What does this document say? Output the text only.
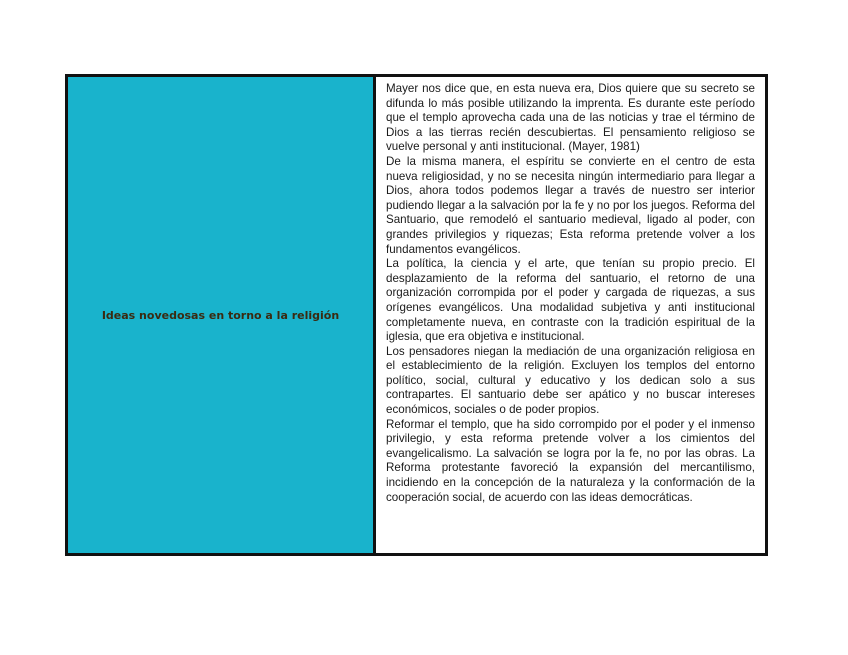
Ideas novedosas en torno a la religión

Mayer nos dice que, en esta nueva era, Dios quiere que su secreto se difunda lo más posible utilizando la imprenta. Es durante este período que el templo aprovecha cada una de las noticias y trae el término de Dios a las tierras recién descubiertas. El pensamiento religioso se vuelve personal y anti institucional. (Mayer, 1981)

De la misma manera, el espíritu se convierte en el centro de esta nueva religiosidad, y no se necesita ningún intermediario para llegar a Dios, ahora todos podemos llegar a través de nuestro ser interior pudiendo llegar a la salvación por la fe y no por los juegos. Reforma del Santuario, que remodeló el santuario medieval, ligado al poder, con grandes privilegios y riquezas; Esta reforma pretende volver a los fundamentos evangélicos.

La política, la ciencia y el arte, que tenían su propio precio. El desplazamiento de la reforma del santuario, el retorno de una organización corrompida por el poder y cargada de riquezas, a sus orígenes evangélicos. Una modalidad subjetiva y anti institucional completamente nueva, en contraste con la tradición espiritual de la iglesia, que era objetiva e institucional.

Los pensadores niegan la mediación de una organización religiosa en el establecimiento de la religión. Excluyen los templos del entorno político, social, cultural y educativo y los dedican solo a sus contrapartes. El santuario debe ser apático y no buscar intereses económicos, sociales o de poder propios.

Reformar el templo, que ha sido corrompido por el poder y el inmenso privilegio, y esta reforma pretende volver a los cimientos del evangelicalismo. La salvación se logra por la fe, no por las obras. La Reforma protestante favoreció la expansión del mercantilismo, incidiendo en la concepción de la naturaleza y la conformación de la cooperación social, de acuerdo con las ideas democráticas.
